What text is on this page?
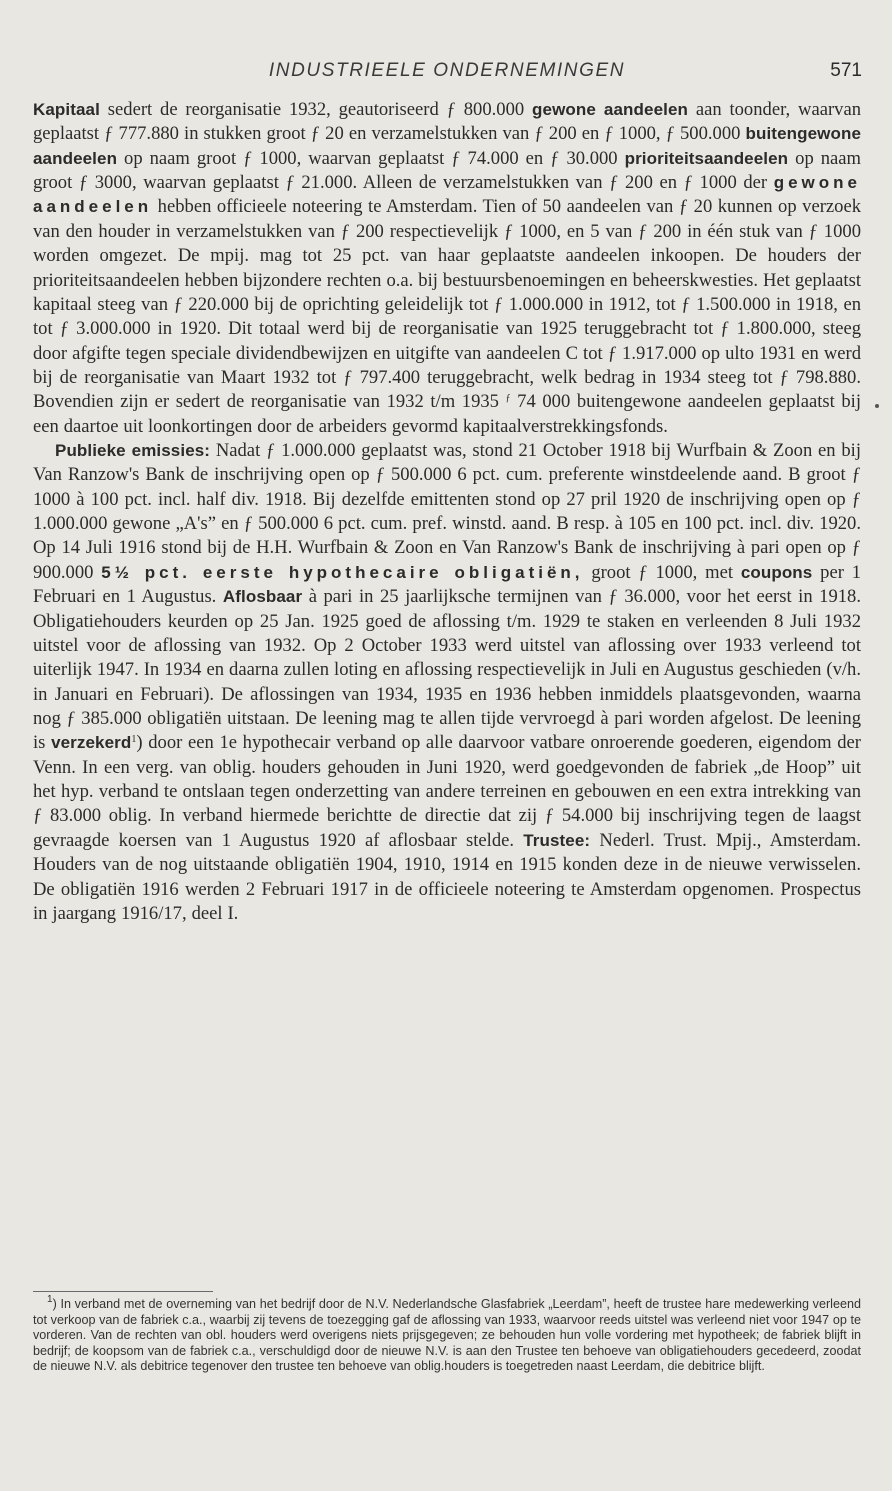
INDUSTRIEELE ONDERNEMINGEN	571

Kapitaal sedert de reorganisatie 1932, geautoriseerd ƒ 800.000 gewone aandeelen aan toonder, waarvan geplaatst ƒ 777.880 in stukken groot ƒ 20 en verzamelstukken van ƒ 200 en ƒ 1000, ƒ 500.000 buitengewone aandeelen op naam groot ƒ 1000, waarvan geplaatst ƒ 74.000 en ƒ 30.000 prioriteitsaandeelen op naam groot ƒ 3000, waarvan geplaatst ƒ 21.000. Alleen de verzamelstukken van ƒ 200 en ƒ 1000 der gewone aandeelen hebben officieele noteering te Amsterdam. Tien of 50 aandeelen van ƒ 20 kunnen op verzoek van den houder in verzamelstukken van ƒ 200 respectievelijk ƒ 1000, en 5 van ƒ 200 in één stuk van ƒ 1000 worden omgezet. De mpij. mag tot 25 pct. van haar geplaatste aandeelen inkoopen. De houders der prioriteitsaandeelen hebben bijzondere rechten o.a. bij bestuursbenoemingen en beheerskwesties. Het geplaatst kapitaal steeg van ƒ 220.000 bij de oprichting geleidelijk tot ƒ 1.000.000 in 1912, tot ƒ 1.500.000 in 1918, en tot ƒ 3.000.000 in 1920. Dit totaal werd bij de reorganisatie van 1925 teruggebracht tot ƒ 1.800.000, steeg door afgifte tegen speciale dividendbewijzen en uitgifte van aandeelen C tot ƒ 1.917.000 op ulto 1931 en werd bij de reorganisatie van Maart 1932 tot ƒ 797.400 teruggebracht, welk bedrag in 1934 steeg tot ƒ 798.880. Bovendien zijn er sedert de reorganisatie van 1932 t/m 1935 $^ƒ$ 74 000 buitengewone aandeelen geplaatst bij een daartoe uit loonkortingen door de arbeiders gevormd kapitaalverstrekkingsfonds.

Publieke emissies: Nadat ƒ 1.000.000 geplaatst was, stond 21 October 1918 bij Wurfbain & Zoon en bij Van Ranzow's Bank de inschrijving open op ƒ 500.000 6 pct. cum. preferente winstdeelende aand. B groot ƒ 1000 à 100 pct. incl. half div. 1918. Bij dezelfde emittenten stond op 27 pril 1920 de inschrijving open op ƒ 1.000.000 gewone „A's” en ƒ 500.000 6 pct. cum. pref. winstd. aand. B resp. à 105 en 100 pct. incl. div. 1920. Op 14 Juli 1916 stond bij de H.H. Wurfbain & Zoon en Van Ranzow's Bank de inschrijving à pari open op ƒ 900.000 5½ pct. eerste hypothecaire obligatiën, groot ƒ 1000, met coupons per 1 Februari en 1 Augustus. Aflosbaar à pari in 25 jaarlijksche termijnen van ƒ 36.000, voor het eerst in 1918. Obligatiehouders keurden op 25 Jan. 1925 goed de aflossing t/m. 1929 te staken en verleenden 8 Juli 1932 uitstel voor de aflossing van 1932. Op 2 October 1933 werd uitstel van aflossing over 1933 verleend tot uiterlijk 1947. In 1934 en daarna zullen loting en aflossing respectievelijk in Juli en Augustus geschieden (v/h. in Januari en Februari). De aflossingen van 1934, 1935 en 1936 hebben inmiddels plaatsgevonden, waarna nog ƒ 385.000 obligatiën uitstaan. De leening mag te allen tijde vervroegd à pari worden afgelost. De leening is verzekerd$^1$) door een 1e hypothecair verband op alle daarvoor vatbare onroerende goederen, eigendom der Venn. In een verg. van oblig. houders gehouden in Juni 1920, werd goedgevonden de fabriek „de Hoop” uit het hyp. verband te ontslaan tegen onderzetting van andere terreinen en gebouwen en een extra intrekking van ƒ 83.000 oblig. In verband hiermede berichtte de directie dat zij ƒ 54.000 bij inschrijving tegen de laagst gevraagde koersen van 1 Augustus 1920 af aflosbaar stelde. Trustee: Nederl. Trust. Mpij., Amsterdam. Houders van de nog uitstaande obligatiën 1904, 1910, 1914 en 1915 konden deze in de nieuwe verwisselen. De obligatiën 1916 werden 2 Februari 1917 in de officieele noteering te Amsterdam opgenomen. Prospectus in jaargang 1916/17, deel I.

$^1$) In verband met de overneming van het bedrijf door de N.V. Nederlandsche Glasfabriek „Leerdam”, heeft de trustee hare medewerking verleend tot verkoop van de fabriek c.a., waarbij zij tevens de toezegging gaf de aflossing van 1933, waarvoor reeds uitstel was verleend niet voor 1947 op te vorderen. Van de rechten van obl. houders werd overigens niets prijsgegeven; ze behouden hun volle vordering met hypotheek; de fabriek blijft in bedrijf; de koopsom van de fabriek c.a., verschuldigd door de nieuwe N.V. is aan den Trustee ten behoeve van obligatiehouders gecedeerd, zoodat de nieuwe N.V. als debitrice tegenover den trustee ten behoeve van oblig.houders is toegetreden naast Leerdam, die debitrice blijft.
